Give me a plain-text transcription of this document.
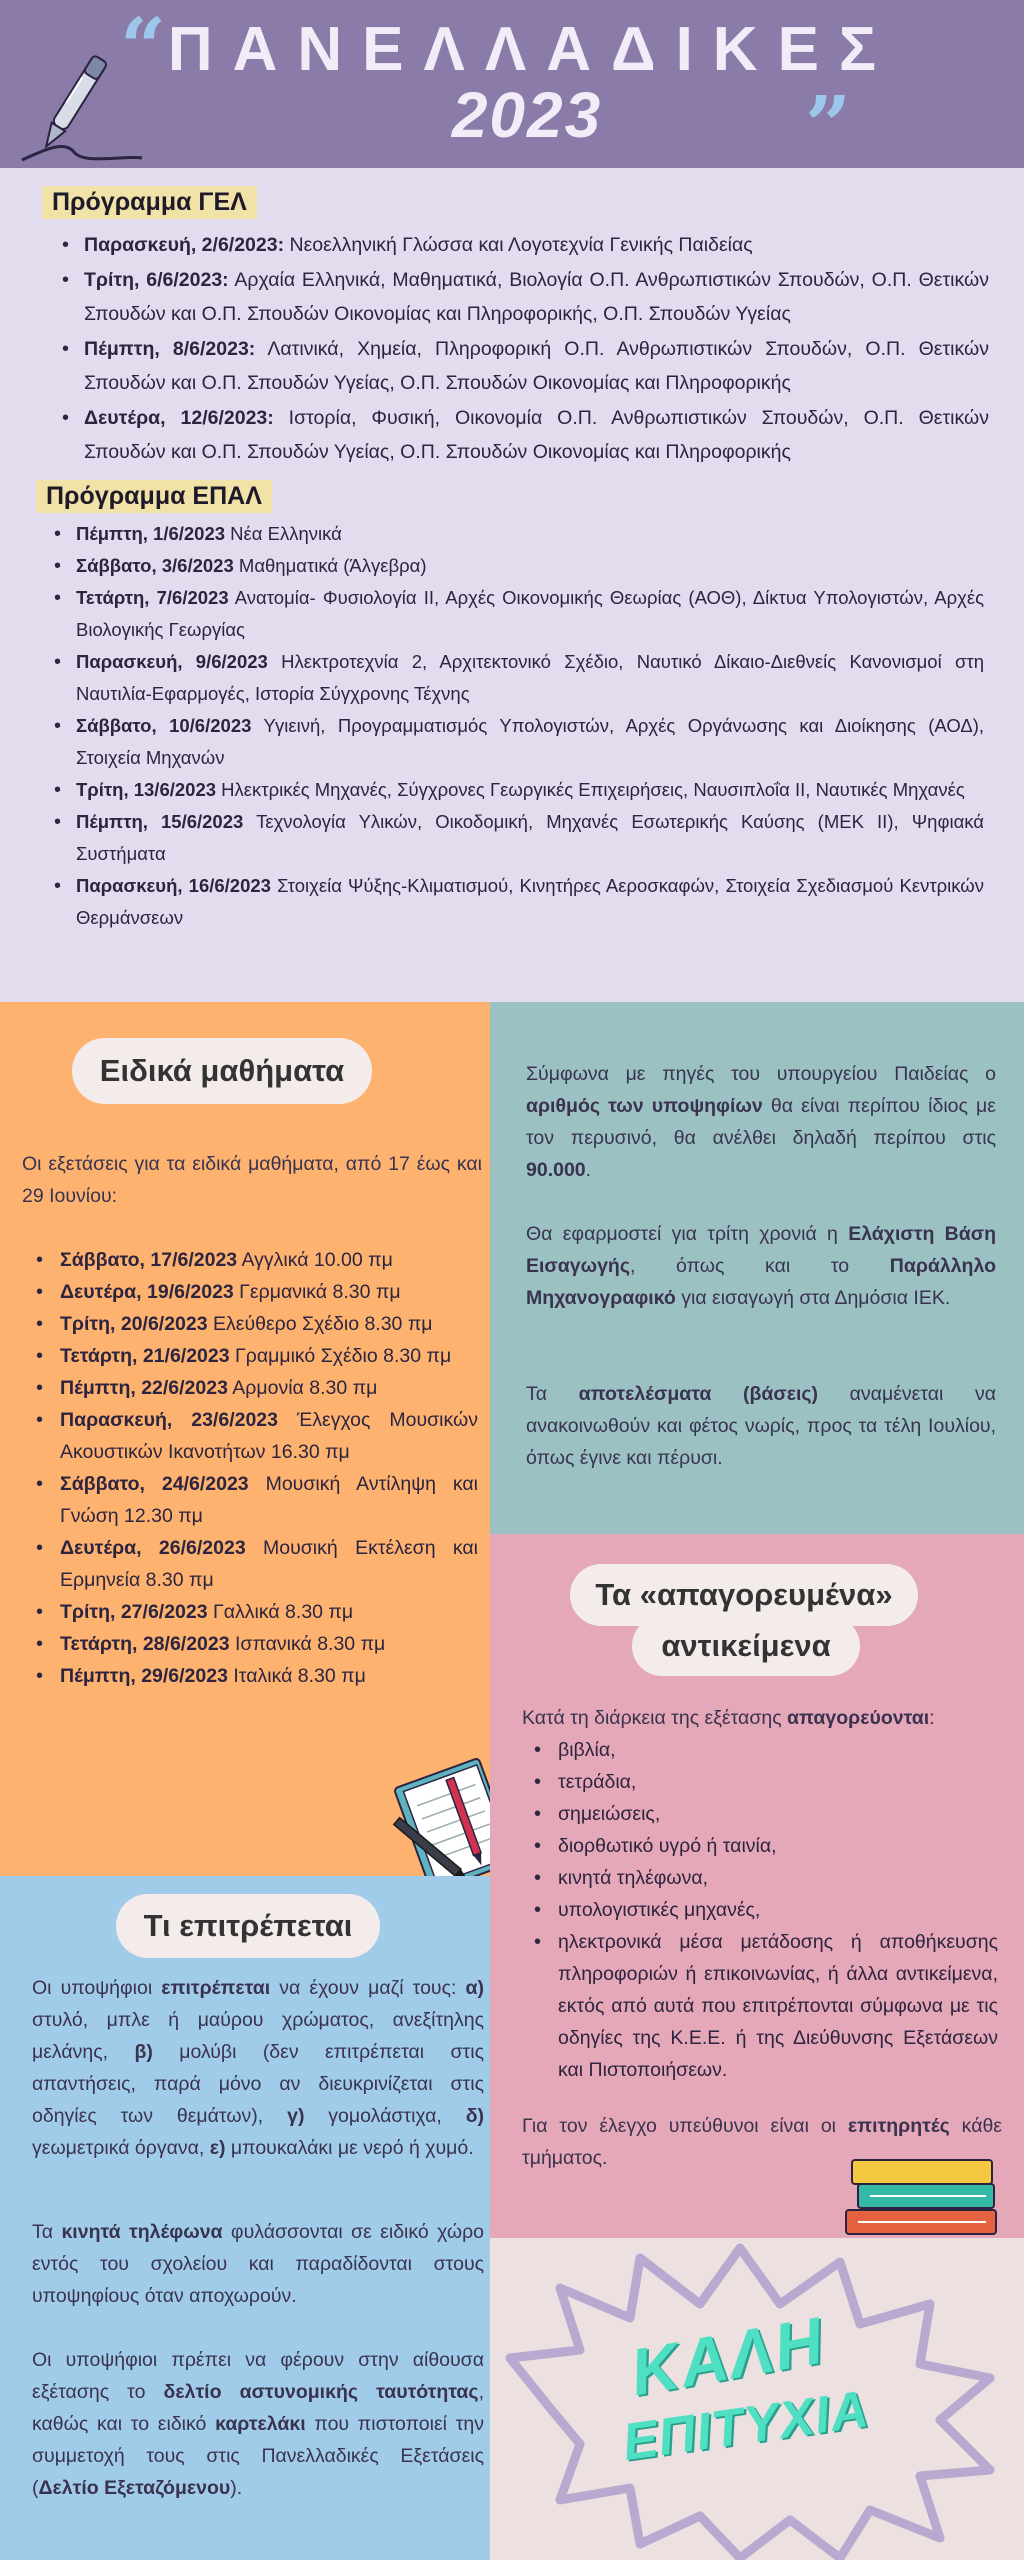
“ ΠΑΝΕΛΛΑΔΙΚΕΣ
2023	”
Πρόγραμμα ΓΕΛ
• Παρασκευή, 2/6/2023: Νεοελληνική Γλώσσα και Λογοτεχνία Γενικής Παιδείας
• Τρίτη, 6/6/2023: Αρχαία Ελληνικά, Μαθηματικά, Βιολογία Ο.Π. Ανθρωπιστικών Σπουδών, Ο.Π. Θετικών Σπουδών και Ο.Π. Σπουδών Οικονομίας και Πληροφορικής, Ο.Π. Σπουδών Υγείας
• Πέμπτη, 8/6/2023: Λατινικά, Χημεία, Πληροφορική Ο.Π. Ανθρωπιστικών Σπουδών, Ο.Π. Θετικών Σπουδών και Ο.Π. Σπουδών Υγείας, Ο.Π. Σπουδών Οικονομίας και Πληροφορικής
• Δευτέρα, 12/6/2023: Ιστορία, Φυσική, Οικονομία Ο.Π. Ανθρωπιστικών Σπουδών, Ο.Π. Θετικών Σπουδών και Ο.Π. Σπουδών Υγείας, Ο.Π. Σπουδών Οικονομίας και Πληροφορικής
Πρόγραμμα ΕΠΑΛ
• Πέμπτη, 1/6/2023 Νέα Ελληνικά
• Σάββατο, 3/6/2023 Μαθηματικά (Άλγεβρα)
• Τετάρτη, 7/6/2023 Ανατομία- Φυσιολογία ΙΙ, Αρχές Οικονομικής Θεωρίας (ΑΟΘ), Δίκτυα Υπολογιστών, Αρχές Βιολογικής Γεωργίας
• Παρασκευή, 9/6/2023 Ηλεκτροτεχνία 2, Αρχιτεκτονικό Σχέδιο, Ναυτικό Δίκαιο-Διεθνείς Κανονισμοί στη Ναυτιλία-Εφαρμογές, Ιστορία Σύγχρονης Τέχνης
• Σάββατο, 10/6/2023 Υγιεινή, Προγραμματισμός Υπολογιστών, Αρχές Οργάνωσης και Διοίκησης (ΑΟΔ), Στοιχεία Μηχανών
• Τρίτη, 13/6/2023 Ηλεκτρικές Μηχανές, Σύγχρονες Γεωργικές Επιχειρήσεις, Ναυσιπλοΐα ΙΙ, Ναυτικές Μηχανές
• Πέμπτη, 15/6/2023 Τεχνολογία Υλικών, Οικοδομική, Μηχανές Εσωτερικής Καύσης (ΜΕΚ ΙΙ), Ψηφιακά Συστήματα
• Παρασκευή, 16/6/2023 Στοιχεία Ψύξης-Κλιματισμού, Κινητήρες Αεροσκαφών, Στοιχεία Σχεδιασμού Κεντρικών Θερμάνσεων
Ειδικά μαθήματα
Οι εξετάσεις για τα ειδικά μαθήματα, από 17 έως και 29 Ιουνίου:
• Σάββατο, 17/6/2023 Αγγλικά 10.00 πμ
• Δευτέρα, 19/6/2023 Γερμανικά 8.30 πμ
• Τρίτη, 20/6/2023 Ελεύθερο Σχέδιο 8.30 πμ
• Τετάρτη, 21/6/2023 Γραμμικό Σχέδιο 8.30 πμ
• Πέμπτη, 22/6/2023 Αρμονία 8.30 πμ
• Παρασκευή, 23/6/2023 Έλεγχος Μουσικών Ακουστικών Ικανοτήτων 16.30 πμ
• Σάββατο, 24/6/2023 Μουσική Αντίληψη και Γνώση 12.30 πμ
• Δευτέρα, 26/6/2023 Μουσική Εκτέλεση και Ερμηνεία 8.30 πμ
• Τρίτη, 27/6/2023 Γαλλικά 8.30 πμ
• Τετάρτη, 28/6/2023 Ισπανικά 8.30 πμ
• Πέμπτη, 29/6/2023 Ιταλικά 8.30 πμ

Σύμφωνα με πηγές του υπουργείου Παιδείας ο αριθμός των υποψηφίων θα είναι περίπου ίδιος με τον περυσινό, θα ανέλθει δηλαδή περίπου στις 90.000.

Θα εφαρμοστεί για τρίτη χρονιά η Ελάχιστη Βάση Εισαγωγής, όπως και το Παράλληλο Μηχανογραφικό για εισαγωγή στα Δημόσια ΙΕΚ.

Τα αποτελέσματα (βάσεις) αναμένεται να ανακοινωθούν και φέτος νωρίς, προς τα τέλη Ιουλίου, όπως έγινε και πέρυσι.

Τα «απαγορευμένα»
αντικείμενα

Κατά τη διάρκεια της εξέτασης απαγορεύονται:

• βιβλία,
• τετράδια,
• σημειώσεις,
• διορθωτικό υγρό ή ταινία,
• κινητά τηλέφωνα,
• υπολογιστικές μηχανές,
• ηλεκτρονικά μέσα μετάδοσης ή αποθήκευσης πληροφοριών ή επικοινωνίας, ή άλλα αντικείμενα, εκτός από αυτά που επιτρέπονται σύμφωνα με τις οδηγίες της Κ.Ε.Ε. ή της Διεύθυνσης Εξετάσεων και Πιστοποιήσεων.

Για τον έλεγχο υπεύθυνοι είναι οι επιτηρητές κάθε τμήματος.

Τι επιτρέπεται

Οι υποψήφιοι επιτρέπεται να έχουν μαζί τους: α) στυλό, μπλε ή μαύρου χρώματος, ανεξίτηλης μελάνης, β) μολύβι (δεν επιτρέπεται στις απαντήσεις, παρά μόνο αν διευκρινίζεται στις οδηγίες των θεμάτων), γ) γομολάστιχα, δ) γεωμετρικά όργανα, ε) μπουκαλάκι με νερό ή χυμό.

Τα κινητά τηλέφωνα φυλάσσονται σε ειδικό χώρο εντός του σχολείου και παραδίδονται στους υποψηφίους όταν αποχωρούν.

Οι υποψήφιοι πρέπει να φέρουν στην αίθουσα εξέτασης το δελτίο αστυνομικής ταυτότητας, καθώς και το ειδικό καρτελάκι που πιστοποιεί την συμμετοχή τους στις Πανελλαδικές Εξετάσεις (Δελτίο Εξεταζόμενου).

ΚΑΛΗ
ΕΠΙΤΥΧΙΑ
